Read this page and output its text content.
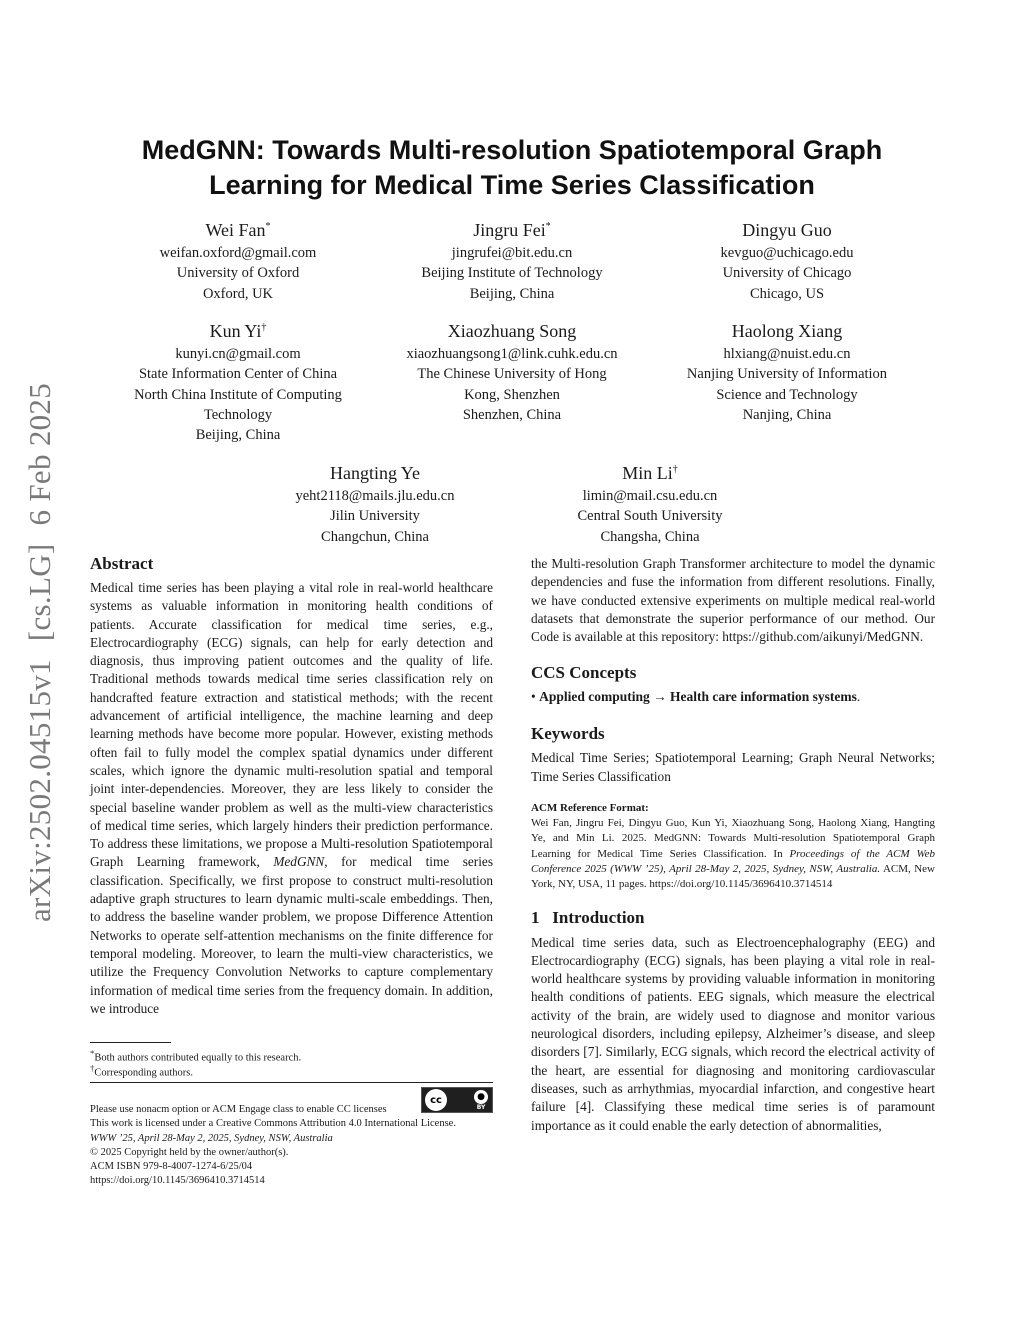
arXiv:2502.04515v1[cs.LG]6 Feb 2025
MedGNN: Towards Multi-resolution Spatiotemporal Graph
Learning for Medical Time Series Classification
Wei Fan*
weifan.oxford@gmail.com
University of Oxford
Oxford, UK
Jingru Fei*
jingrufei@bit.edu.cn
Beijing Institute of Technology
Beijing, China
Dingyu Guo
kevguo@uchicago.edu
University of Chicago
Chicago, US
Kun Yi†
kunyi.cn@gmail.com
State Information Center of China
North China Institute of Computing
Technology
Beijing, China
Xiaozhuang Song
xiaozhuangsong1@link.cuhk.edu.cn
The Chinese University of Hong
Kong, Shenzhen
Shenzhen, China
Haolong Xiang
hlxiang@nuist.edu.cn
Nanjing University of Information
Science and Technology
Nanjing, China
Hangting Ye
yeht2118@mails.jlu.edu.cn
Jilin University
Changchun, China
Min Li†
limin@mail.csu.edu.cn
Central South University
Changsha, China
Abstract

Medical time series has been playing a vital role in real-world healthcare systems as valuable information in monitoring health conditions of patients. Accurate classification for medical time series, e.g., Electrocardiography (ECG) signals, can help for early detection and diagnosis, thus improving patient outcomes and the quality of life. Traditional methods towards medical time series classification rely on handcrafted feature extraction and statistical methods; with the recent advancement of artificial intelligence, the machine learning and deep learning methods have become more popular. However, existing methods often fail to fully model the complex spatial dynamics under different scales, which ignore the dynamic multi-resolution spatial and temporal joint inter-dependencies. Moreover, they are less likely to consider the special baseline wander problem as well as the multi-view characteristics of medical time series, which largely hinders their prediction performance. To address these limitations, we propose a Multi-resolution Spatiotemporal Graph Learning framework, MedGNN, for medical time series classification. Specifically, we first propose to construct multi-resolution adaptive graph structures to learn dynamic multi-scale embeddings. Then, to address the baseline wander problem, we propose Difference Attention Networks to operate self-attention mechanisms on the finite difference for temporal modeling. Moreover, to learn the multi-view characteristics, we utilize the Frequency Convolution Networks to capture complementary information of medical time series from the frequency domain. In addition, we introduce

*Both authors contributed equally to this research.
†Corresponding authors.
cc	●
BY
Please use nonacm option or ACM Engage class to enable CC licenses
This work is licensed under a Creative Commons Attribution 4.0 International License.
WWW ’25, April 28-May 2, 2025, Sydney, NSW, Australia
© 2025 Copyright held by the owner/author(s).
ACM ISBN 979-8-4007-1274-6/25/04
https://doi.org/10.1145/3696410.3714514

the Multi-resolution Graph Transformer architecture to model the dynamic dependencies and fuse the information from different resolutions. Finally, we have conducted extensive experiments on multiple medical real-world datasets that demonstrate the superior performance of our method. Our Code is available at this repository: https://github.com/aikunyi/MedGNN.

CCS Concepts
• Applied computing → Health care information systems.
Keywords

Medical Time Series; Spatiotemporal Learning; Graph Neural Networks; Time Series Classification

ACM Reference Format:

Wei Fan, Jingru Fei, Dingyu Guo, Kun Yi, Xiaozhuang Song, Haolong Xiang, Hangting Ye, and Min Li. 2025. MedGNN: Towards Multi-resolution Spatiotemporal Graph Learning for Medical Time Series Classification. In Proceedings of the ACM Web Conference 2025 (WWW ’25), April 28-May 2, 2025, Sydney, NSW, Australia. ACM, New York, NY, USA, 11 pages. https://doi.org/10.1145/3696410.3714514

1 Introduction

Medical time series data, such as Electroencephalography (EEG) and Electrocardiography (ECG) signals, has been playing a vital role in real-world healthcare systems by providing valuable information in monitoring health conditions of patients. EEG signals, which measure the electrical activity of the brain, are widely used to diagnose and monitor various neurological disorders, including epilepsy, Alzheimer’s disease, and sleep disorders [7]. Similarly, ECG signals, which record the electrical activity of the heart, are essential for diagnosing and monitoring cardiovascular diseases, such as arrhythmias, myocardial infarction, and congestive heart failure [4]. Classifying these medical time series is of paramount importance as it could enable the early detection of abnormalities,
